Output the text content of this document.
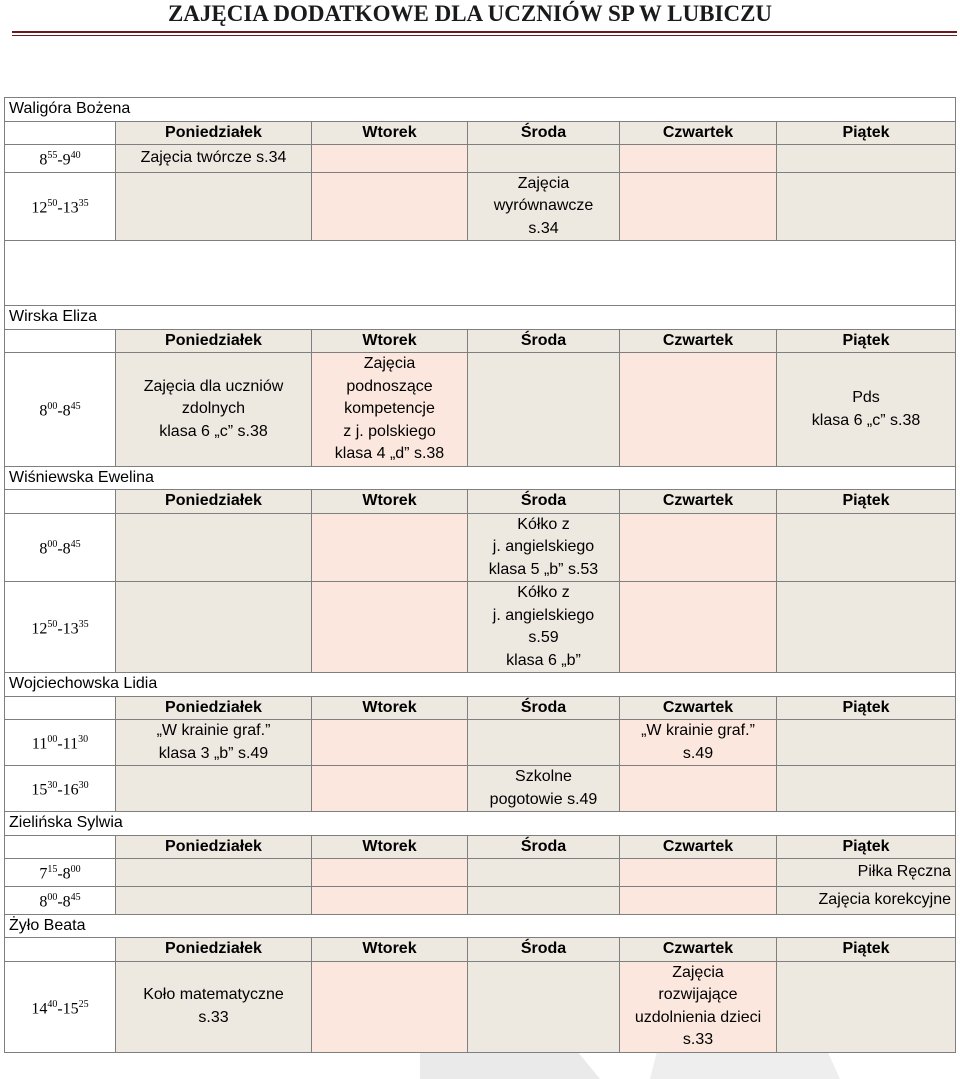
ZAJĘCIA DODATKOWE DLA UCZNIÓW SP W LUBICZU
Waligóra Bożena					
	Poniedziałek	Wtorek	Środa	Czwartek	Piątek
$8^{55}-9^{40}$	Zajęcia twórcze s.34				
$12^{50}-13^{35}$			Zajęcia
wyrównawcze
s.34		

Wirska Eliza					
	Poniedziałek	Wtorek	Środa	Czwartek	Piątek
$8^{00}-8^{45}$	Zajęcia dla uczniów
zdolnych
klasa 6 „c” s.38	Zajęcia
podnoszące
kompetencje
z j. polskiego
klasa 4 „d” s.38			Pds
klasa 6 „c” s.38
Wiśniewska Ewelina					
	Poniedziałek	Wtorek	Środa	Czwartek	Piątek
$8^{00}-8^{45}$			Kółko z
j. angielskiego
klasa 5 „b” s.53		
$12^{50}-13^{35}$			Kółko z
j. angielskiego
s.59
klasa 6 „b”		
Wojciechowska Lidia					
	Poniedziałek	Wtorek	Środa	Czwartek	Piątek
$11^{00}-11^{30}$	„W krainie graf.”
klasa 3 „b” s.49			„W krainie graf.”
s.49	
$15^{30}-16^{30}$			Szkolne
pogotowie s.49		
Zielińska Sylwia					
	Poniedziałek	Wtorek	Środa	Czwartek	Piątek
$7^{15}-8^{00}$					Piłka Ręczna
$8^{00}-8^{45}$					Zajęcia korekcyjne
Żyło Beata					
	Poniedziałek	Wtorek	Środa	Czwartek	Piątek
$14^{40}-15^{25}$	Koło matematyczne
s.33			Zajęcia
rozwijające
uzdolnienia dzieci
s.33	
